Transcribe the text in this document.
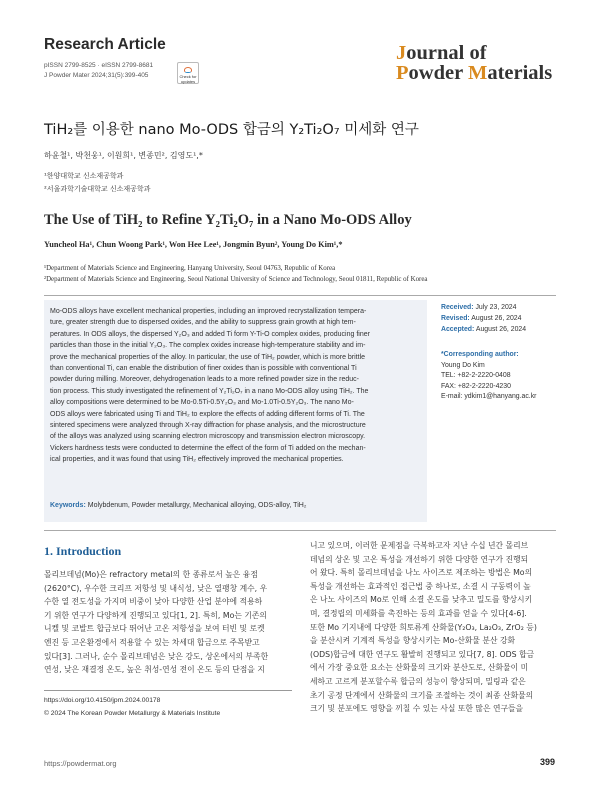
Research Article
pISSN 2799-8525 · eISSN 2799-8681
J Powder Mater 2024;31(5):399-405	Check for updates
Journal of
Powder Materials
TiH₂를 이용한 nano Mo-ODS 합금의 Y₂Ti₂O₇ 미세화 연구
하윤철¹, 박천웅¹, 이원희¹, 변종민², 김영도¹,*
¹한양대학교 신소재공학과
²서울과학기술대학교 신소재공학과
The Use of TiH₂ to Refine Y₂Ti₂O₇ in a Nano Mo-ODS Alloy
Yuncheol Ha¹, Chun Woong Park¹, Won Hee Lee¹, Jongmin Byun², Young Do Kim¹,*
¹Department of Materials Science and Engineering, Hanyang University, Seoul 04763, Republic of Korea
²Department of Materials Science and Engineering, Seoul National University of Science and Technology, Seoul 01811, Republic of Korea
Mo-ODS alloys have excellent mechanical properties, including an improved recrystallization tempera-
ture, greater strength due to dispersed oxides, and the ability to suppress grain growth at high tem-
peratures. In ODS alloys, the dispersed Y₂O₃ and added Ti form Y-Ti-O complex oxides, producing finer
particles than those in the initial Y₂O₃. The complex oxides increase high-temperature stability and im-
prove the mechanical properties of the alloy. In particular, the use of TiH₂ powder, which is more brittle
than conventional Ti, can enable the distribution of finer oxides than is possible with conventional Ti
powder during milling. Moreover, dehydrogenation leads to a more refined powder size in the reduc-
tion process. This study investigated the refinement of Y₂Ti₂O₇ in a nano Mo-ODS alloy using TiH₂. The
alloy compositions were determined to be Mo-0.5Ti-0.5Y₂O₃ and Mo-1.0Ti-0.5Y₂O₃. The nano Mo-
ODS alloys were fabricated using Ti and TiH₂ to explore the effects of adding different forms of Ti. The
sintered specimens were analyzed through X-ray diffraction for phase analysis, and the microstructure
of the alloys was analyzed using scanning electron microscopy and transmission electron microscopy.
Vickers hardness tests were conducted to determine the effect of the form of Ti added on the mechan-
ical properties, and it was found that using TiH₂ effectively improved the mechanical properties.
Keywords: Molybdenum, Powder metallurgy, Mechanical alloying, ODS-alloy, TiH₂
Received: July 23, 2024
Revised: August 26, 2024
Accepted: August 26, 2024
*Corresponding author:
Young Do Kim
TEL: +82-2-2220-0408
FAX: +82-2-2220-4230
E-mail: ydkim1@hanyang.ac.kr
1. Introduction
몰리브데넘(Mo)은 refractory metal의 한 종류로서 높은 융점
(2620°C), 우수한 크리프 저항성 및 내식성, 낮은 열팽창 계수, 우
수한 열 전도성을 가지며 비중이 낮아 다양한 산업 분야에 적용하
기 위한 연구가 다양하게 진행되고 있다[1, 2]. 특히, Mo는 기존의
니켈 및 코발트 합금보다 뛰어난 고온 저항성을 보여 터빈 및 로켓
엔진 등 고온환경에서 적용할 수 있는 차세대 합금으로 주목받고
있다[3]. 그러나, 순수 몰리브데넘은 낮은 강도, 상온에서의 부족한
연성, 낮은 재결정 온도, 높은 취성-연성 전이 온도 등의 단점을 지
니고 있으며, 이러한 문제점을 극복하고자 지난 수십 년간 몰리브
데넘의 상온 및 고온 특성을 개선하기 위한 다양한 연구가 진행되
어 왔다. 특히 몰리브데넘을 나노 사이즈로 제조하는 방법은 Mo의
특성을 개선하는 효과적인 접근법 중 하나로, 소결 시 구동력이 높
은 나노 사이즈의 Mo로 인해 소결 온도를 낮추고 밀도를 향상시키
며, 결정립의 미세화를 촉진하는 등의 효과를 얻을 수 있다[4-6].
또한 Mo 기지내에 다양한 희토류계 산화물(Y₂O₃, La₂O₃, ZrO₂ 등)
을 분산시켜 기계적 특성을 향상시키는 Mo-산화물 분산 강화
(ODS)합금에 대한 연구도 활발히 진행되고 있다[7, 8]. ODS 합금
에서 가장 중요한 요소는 산화물의 크기와 분산도로, 산화물이 미
세하고 고르게 분포할수록 합금의 성능이 향상되며, 밀링과 같은
초기 공정 단계에서 산화물의 크기를 조절하는 것이 최종 산화물의
크기 및 분포에도 영향을 끼칠 수 있는 사실 또한 많은 연구들을
https://doi.org/10.4150/jpm.2024.00178
© 2024 The Korean Powder Metallurgy & Materials Institute
https://powdermat.org	399
